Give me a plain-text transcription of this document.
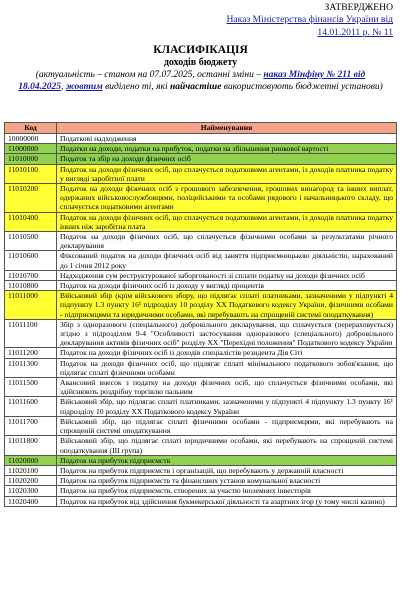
ЗАТВЕРДЖЕНО
Наказ Міністерства фінансів України від 14.01.2011 р. № 11
КЛАСИФІКАЦІЯ
доходів бюджету
(актуальність – станом на 07.07.2025, останні зміни – наказ Мінфіну № 211 від 18.04.2025, жовтим виділено ті, які найчастіше використовують бюджетні установи)
Код	Найменування
10000000	Податкові надходження
11000000	Податки на доходи, податки на прибуток, податки на збільшення ринкової вартості
11010000	Податок та збір на доходи фізичних осіб
11010100	Податок на доходи фізичних осіб, що сплачується податковими агентами, із доходів платника податку у вигляді заробітної плати
11010200	Податок на доходи фізичних осіб з грошового забезпечення, грошових винагород та інших виплат, одержаних військовослужбовцями, поліцейськими та особами рядового і начальницького складу, що сплачується податковими агентами
11010400	Податок на доходи фізичних осіб, що сплачується податковими агентами, із доходів платника податку інших ніж заробітна плата
11010500	Податок на доходи фізичних осіб, що сплачується фізичними особами за результатами річного декларування
11010600	Фіксований податок на доходи фізичних осіб від заняття підприємницькою діяльністю, нарахований до 1 січня 2012 року
11010700	Надходження сум реструктурованої заборгованості зі сплати податку на доходи фізичних осіб
11010800	Податок на доходи фізичних осіб із доходу у вигляді процентів
11011000	Військовий збір (крім військового збору, що підлягає сплаті платниками, зазначеними у підпункті 4 підпункту 1.3 пункту 16¹ підрозділу 10 розділу XX Податкового кодексу України, фізичними особами - підприємцями та юридичними особами, які перебувають на спрощеній системі оподаткування)
11011100	Збір з одноразового (спеціального) добровільного декларування, що сплачується (перераховується) згідно з підрозділом 9-4 "Особливості застосування одноразового (спеціального) добровільного декларування активів фізичних осіб" розділу XX "Перехідні положення" Податкового кодексу України
11011200	Податок на доходи фізичних осіб із доходів спеціалістів резидента Дія Сіті
11011300	Податок на доходи фізичних осіб, що підлягає сплаті мінімального податкового зобов'язання, що підлягає сплаті фізичними особами
11011500	Авансовий внесок з податку на доходи фізичних осіб, що сплачується фізичними особами, які здійснюють роздрібну торгівлю пальним
11011600	Військовий збір, що підлягає сплаті платниками, зазначеними у підпункті 4 підпункту 1.3 пункту 16¹ підрозділу 10 розділу XX Податкового кодексу України
11011700	Військовий збір, що підлягає сплаті фізичними особами - підприємцями, які перебувають на спрощеній системі оподаткування
11011800	Військовий збір, що підлягає сплаті юридичними особами, які перебувають на спрощеній системі оподаткування (III група)
11020000	Податок на прибуток підприємств
11020100	Податок на прибуток підприємств і організацій, що перебувають у державній власності
11020200	Податок на прибуток підприємств та фінансових установ комунальної власності
11020300	Податок на прибуток підприємств, створених за участю іноземних інвесторів
11020400	Податок на прибуток від здійснення букмекерської діяльності та азартних ігор (у тому числі казино)
